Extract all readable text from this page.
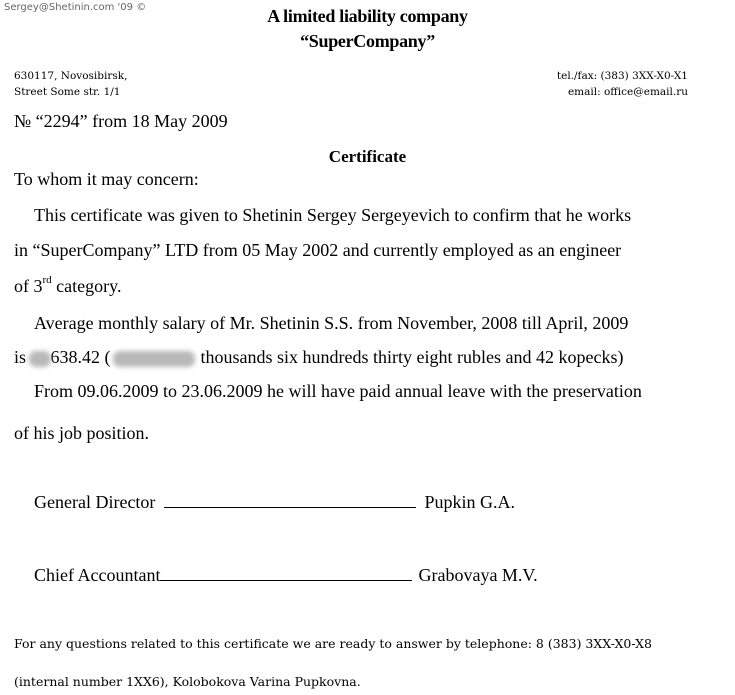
Sergey@Shetinin.com '09 ©	A limited liability company
“SuperCompany”
630117, Novosibirsk,
Street Some str. 1/1
tel./fax: (383) 3XX-X0-X1
email: office@email.ru
№ “2294” from 18 May 2009
Certificate
To whom it may concern:
This certificate was given to Shetinin Sergey Sergeyevich to confirm that he works
in “SuperCompany” LTD from 05 May 2002 and currently employed as an engineer
of 3rd category.
Average monthly salary of Mr. Shetinin S.S. from November, 2008 till April, 2009
is 638.42 (	thousands six hundreds thirty eight rubles and 42 kopecks)
From 09.06.2009 to 23.06.2009 he will have paid annual leave with the preservation
of his job position.
General Director	Pupkin G.A.
Chief Accountant	Grabovaya M.V.
For any questions related to this certificate we are ready to answer by telephone: 8 (383) 3XX-X0-X8
(internal number 1XX6), Kolobokova Varina Pupkovna.
